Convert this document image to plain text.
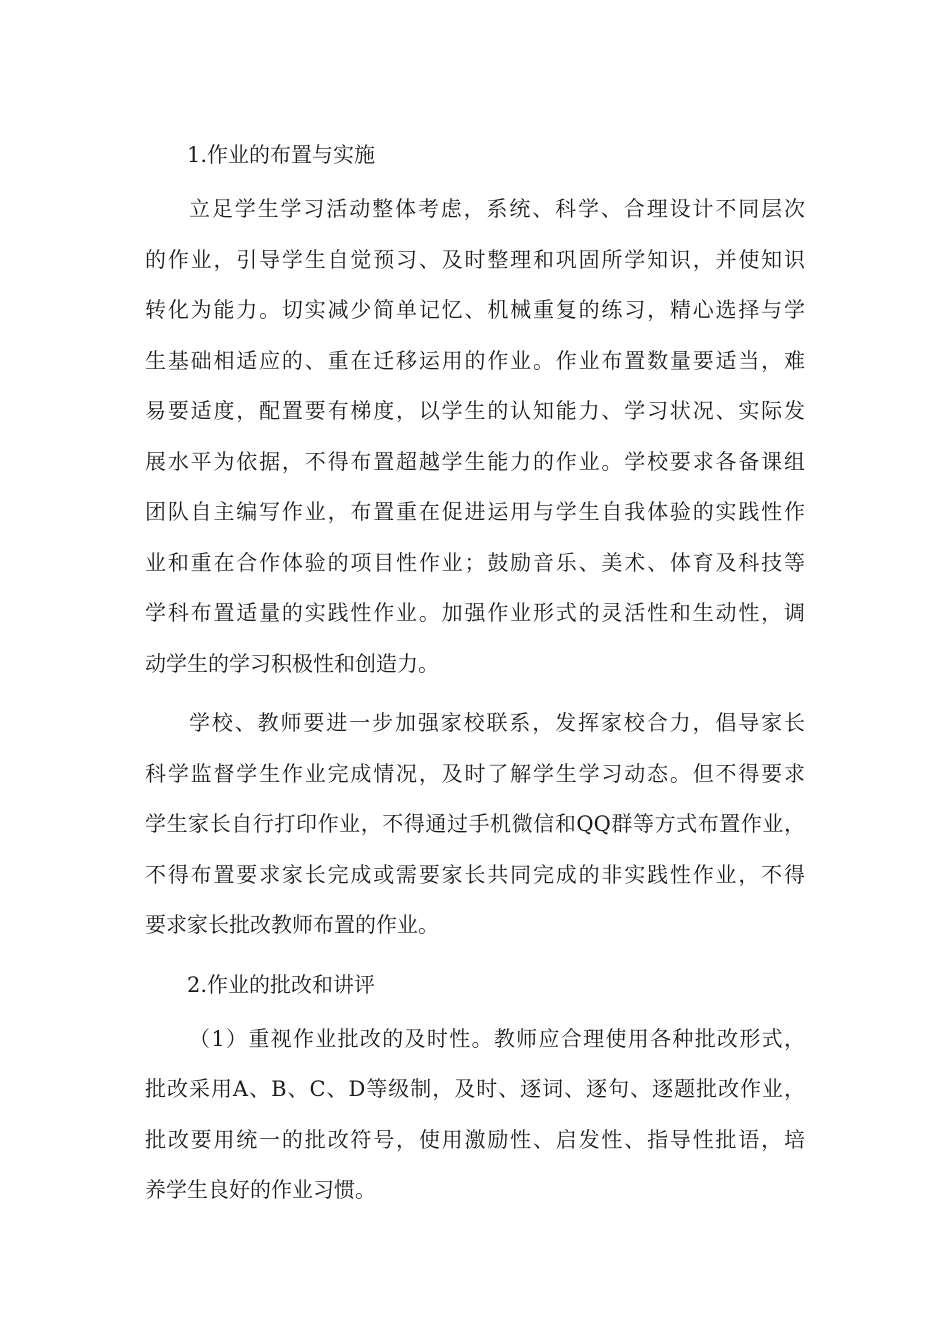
1.作业的布置与实施
立足学生学习活动整体考虑，系统、科学、合理设计不同层次
的作业，引导学生自觉预习、及时整理和巩固所学知识，并使知识
转化为能力。切实减少简单记忆、机械重复的练习，精心选择与学
生基础相适应的、重在迁移运用的作业。作业布置数量要适当，难
易要适度，配置要有梯度，以学生的认知能力、学习状况、实际发
展水平为依据，不得布置超越学生能力的作业。学校要求各备课组
团队自主编写作业，布置重在促进运用与学生自我体验的实践性作
业和重在合作体验的项目性作业；鼓励音乐、美术、体育及科技等
学科布置适量的实践性作业。加强作业形式的灵活性和生动性，调
动学生的学习积极性和创造力。
学校、教师要进一步加强家校联系，发挥家校合力，倡导家长
科学监督学生作业完成情况，及时了解学生学习动态。但不得要求
学生家长自行打印作业，不得通过手机微信和QQ群等方式布置作业，
不得布置要求家长完成或需要家长共同完成的非实践性作业，不得
要求家长批改教师布置的作业。
2.作业的批改和讲评
（1）重视作业批改的及时性。教师应合理使用各种批改形式，
批改采用A、B、C、D等级制，及时、逐词、逐句、逐题批改作业，
批改要用统一的批改符号，使用激励性、启发性、指导性批语，培
养学生良好的作业习惯。
